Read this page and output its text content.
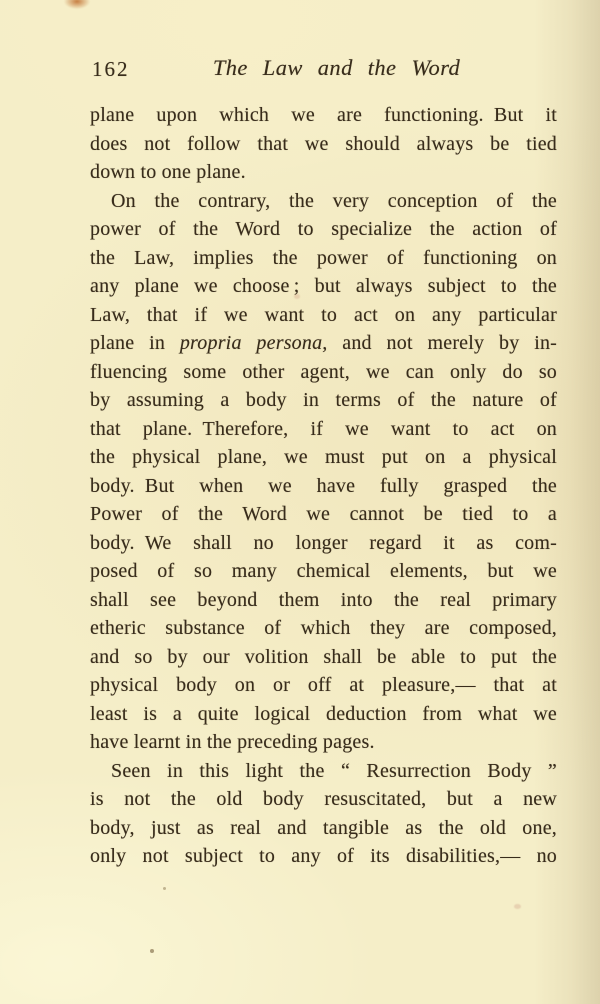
162	The Law and the Word
plane upon which we are functioning. But it
does not follow that we should always be tied
down to one plane.
On the contrary, the very conception of the
power of the Word to specialize the action of
the Law, implies the power of functioning on
any plane we choose ; but always subject to the
Law, that if we want to act on any particular
plane in propria persona, and not merely by in-
fluencing some other agent, we can only do so
by assuming a body in terms of the nature of
that plane. Therefore, if we want to act on
the physical plane, we must put on a physical
body. But when we have fully grasped the
Power of the Word we cannot be tied to a
body. We shall no longer regard it as com-
posed of so many chemical elements, but we
shall see beyond them into the real primary
etheric substance of which they are composed,
and so by our volition shall be able to put the
physical body on or off at pleasure,— that at
least is a quite logical deduction from what we
have learnt in the preceding pages.
Seen in this light the “ Resurrection Body ”
is not the old body resuscitated, but a new
body, just as real and tangible as the old one,
only not subject to any of its disabilities,— no
